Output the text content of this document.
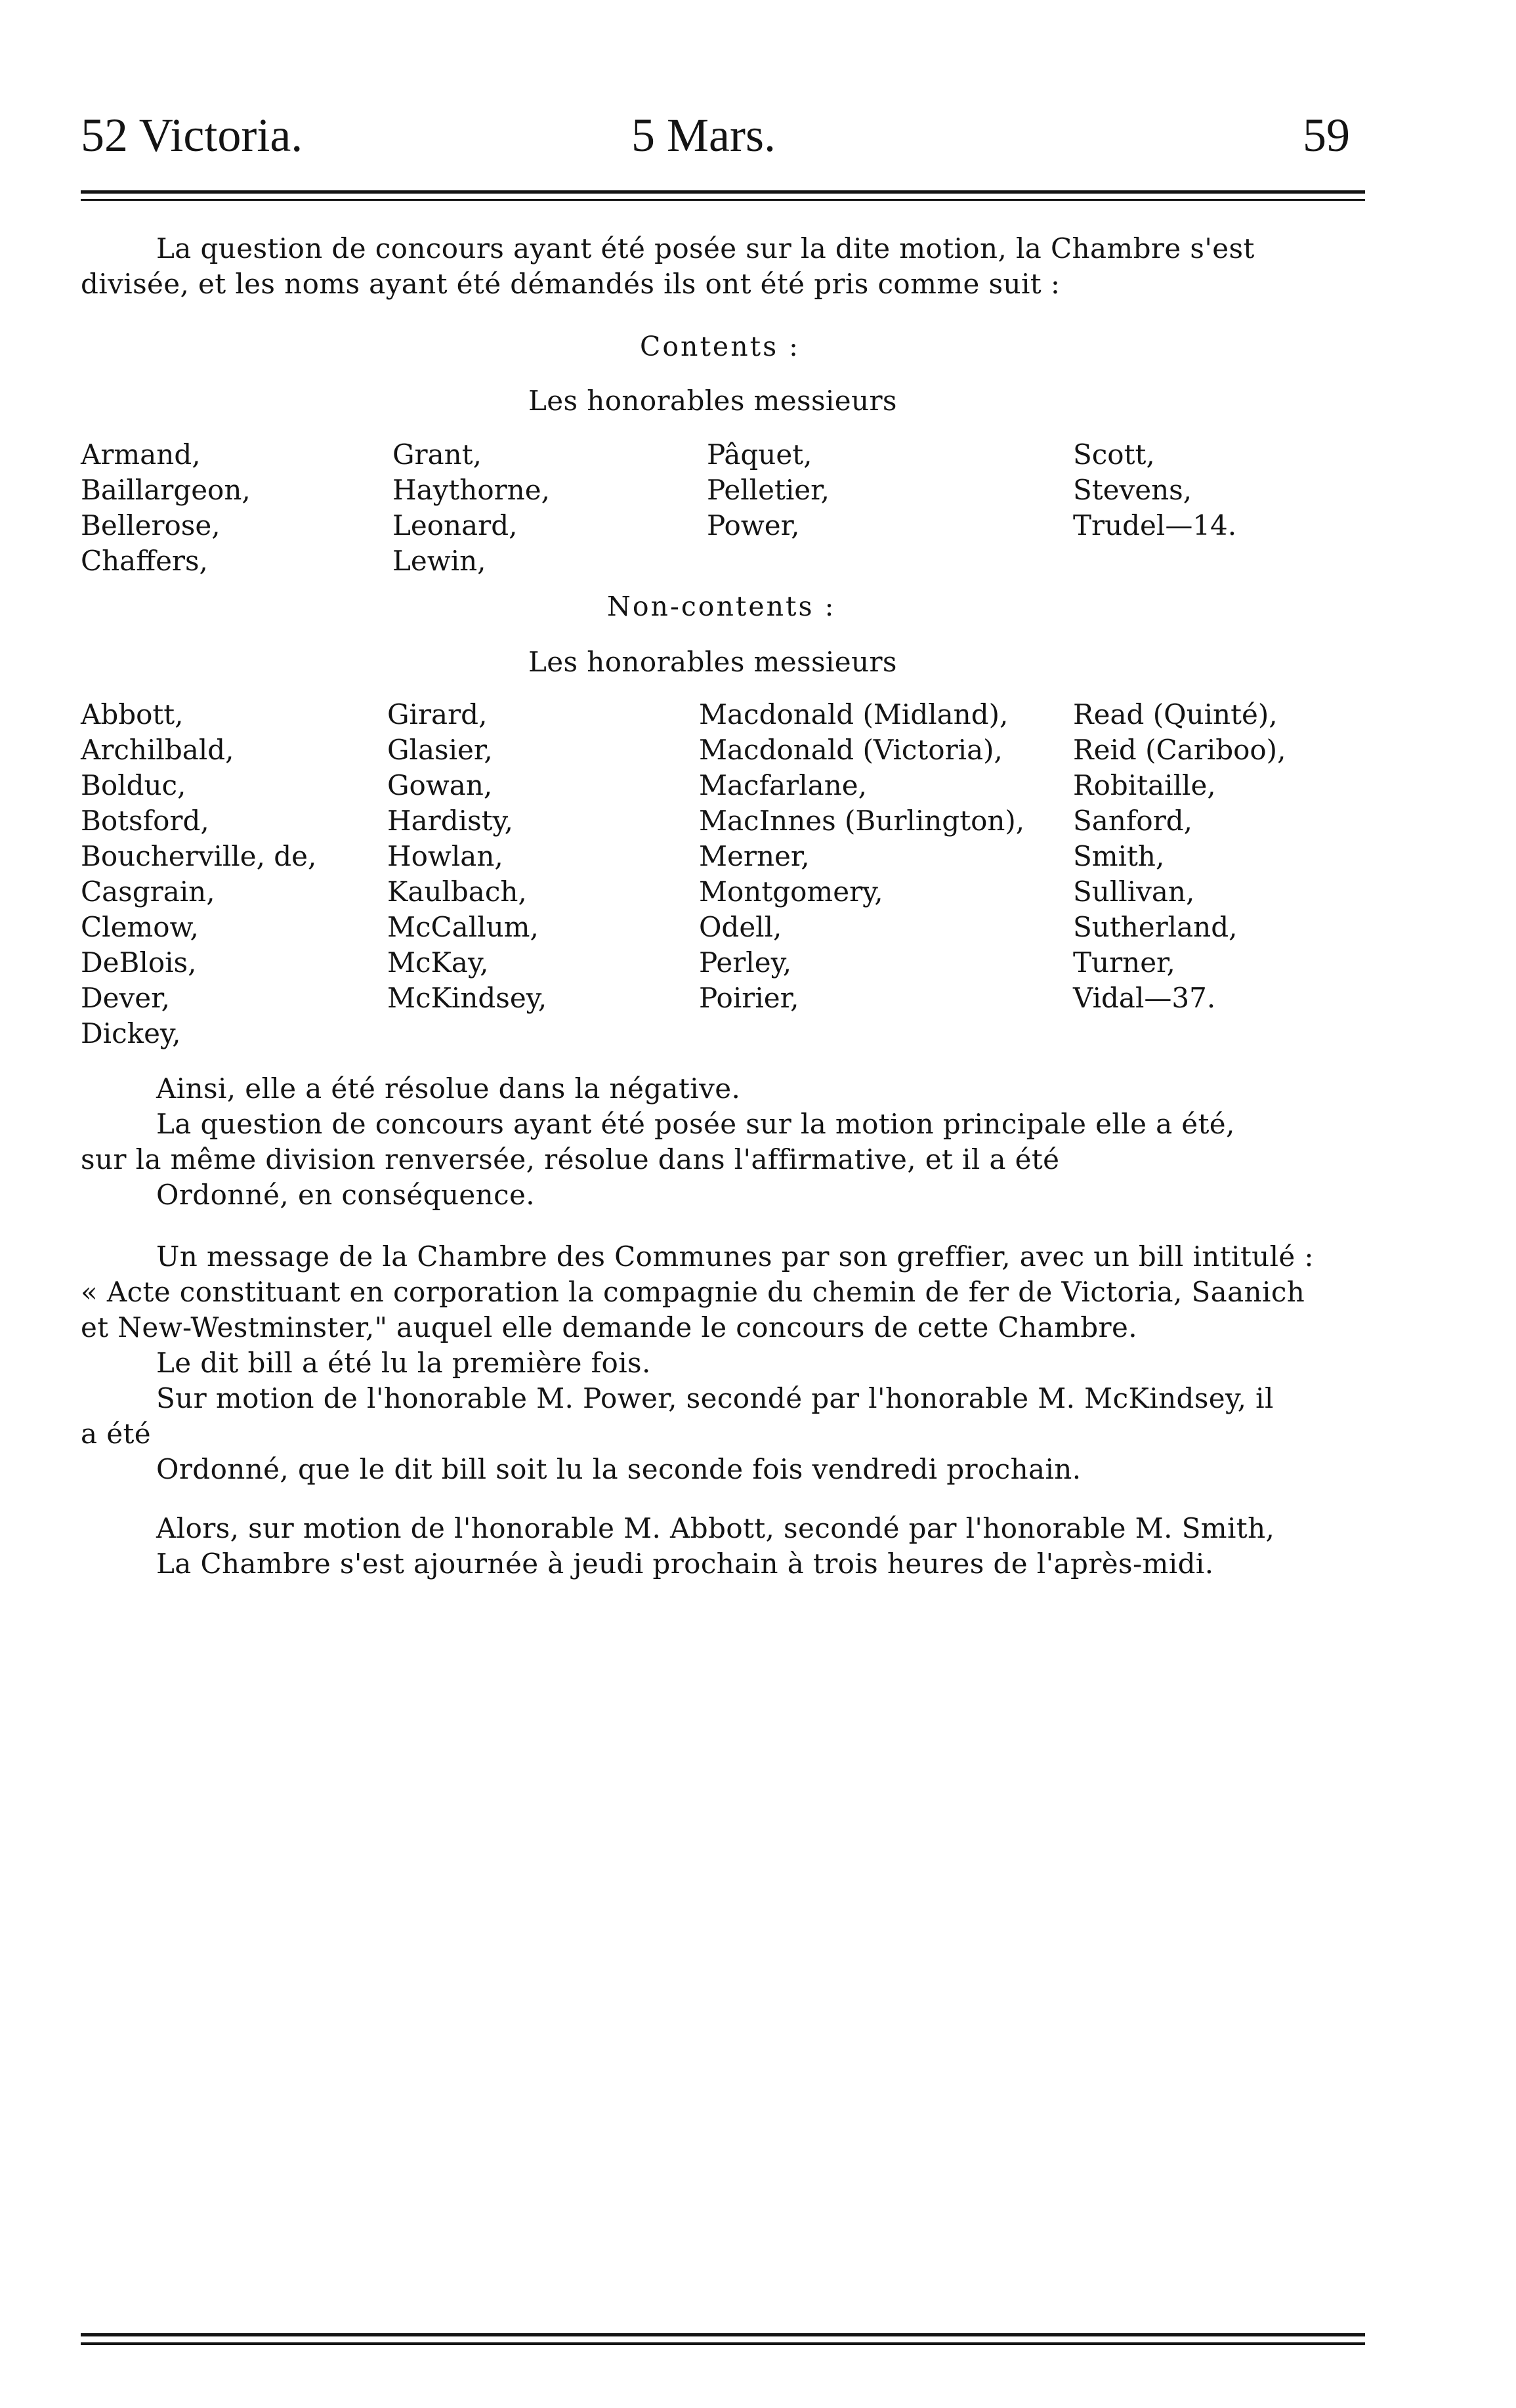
52 Victoria.	5 Mars.	59
La question de concours ayant été posée sur la dite motion, la Chambre s'est
divisée, et les noms ayant été démandés ils ont été pris comme suit :
Contents :
Les honorables messieurs
Armand,
Baillargeon,
Bellerose,
Chaffers,
Grant,
Haythorne,
Leonard,
Lewin,
Pâquet,
Pelletier,
Power,
Scott,
Stevens,
Trudel—14.
Non-contents :
Les honorables messieurs
Abbott,
Archilbald,
Bolduc,
Botsford,
Boucherville, de,
Casgrain,
Clemow,
DeBlois,
Dever,
Dickey,
Girard,
Glasier,
Gowan,
Hardisty,
Howlan,
Kaulbach,
McCallum,
McKay,
McKindsey,
Macdonald (Midland),
Macdonald (Victoria),
Macfarlane,
MacInnes (Burlington),
Merner,
Montgomery,
Odell,
Perley,
Poirier,
Read (Quinté),
Reid (Cariboo),
Robitaille,
Sanford,
Smith,
Sullivan,
Sutherland,
Turner,
Vidal—37.
Ainsi, elle a été résolue dans la négative.
La question de concours ayant été posée sur la motion principale elle a été,
sur la même division renversée, résolue dans l'affirmative, et il a été
Ordonné, en conséquence.
Un message de la Chambre des Communes par son greffier, avec un bill intitulé :
« Acte constituant en corporation la compagnie du chemin de fer de Victoria, Saanich
et New-Westminster," auquel elle demande le concours de cette Chambre.
Le dit bill a été lu la première fois.
Sur motion de l'honorable M. Power, secondé par l'honorable M. McKindsey, il
a été
Ordonné, que le dit bill soit lu la seconde fois vendredi prochain.
Alors, sur motion de l'honorable M. Abbott, secondé par l'honorable M. Smith,
La Chambre s'est ajournée à jeudi prochain à trois heures de l'après-midi.
